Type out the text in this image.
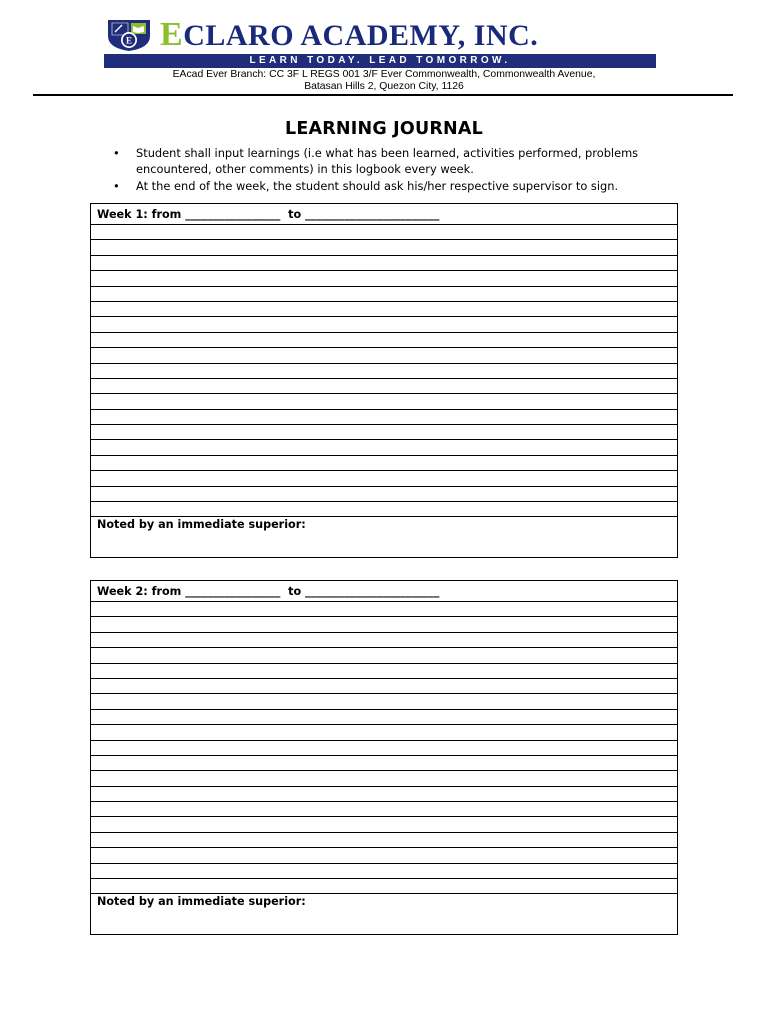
E ECLARO ACADEMY, INC.
LEARN TODAY. LEAD TOMORROW.
EAcad Ever Branch: CC 3F L REGS 001 3/F Ever Commonwealth, Commonwealth Avenue,
Batasan Hills 2, Quezon City, 1126
LEARNING JOURNAL
• Student shall input learnings (i.e what has been learned, activities performed, problems encountered, other comments) in this logbook every week.
• At the end of the week, the student should ask his/her respective supervisor to sign.
Week 1: from _________________  to ________________________
Noted by an immediate superior:
Week 2: from _________________  to ________________________
Noted by an immediate superior:
